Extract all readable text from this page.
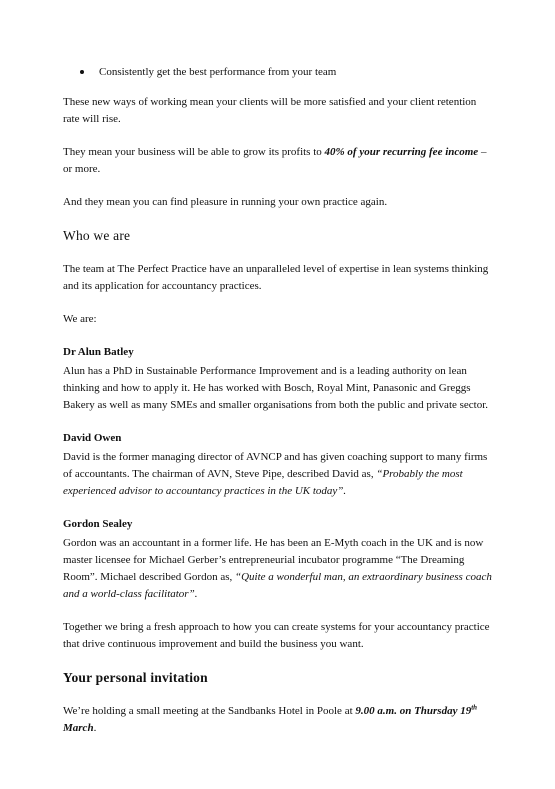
Consistently get the best performance from your team

These new ways of working mean your clients will be more satisfied and your client retention rate will rise.

They mean your business will be able to grow its profits to 40% of your recurring fee income – or more.

And they mean you can find pleasure in running your own practice again.

Who we are

The team at The Perfect Practice have an unparalleled level of expertise in lean systems thinking and its application for accountancy practices.

We are:

Dr Alun Batley

Alun has a PhD in Sustainable Performance Improvement and is a leading authority on lean thinking and how to apply it. He has worked with Bosch, Royal Mint, Panasonic and Greggs Bakery as well as many SMEs and smaller organisations from both the public and private sector.

David Owen

David is the former managing director of AVNCP and has given coaching support to many firms of accountants. The chairman of AVN, Steve Pipe, described David as, “Probably the most experienced advisor to accountancy practices in the UK today”.

Gordon Sealey

Gordon was an accountant in a former life. He has been an E-Myth coach in the UK and is now master licensee for Michael Gerber’s entrepreneurial incubator programme “The Dreaming Room”. Michael described Gordon as, “Quite a wonderful man, an extraordinary business coach and a world-class facilitator”.

Together we bring a fresh approach to how you can create systems for your accountancy practice that drive continuous improvement and build the business you want.

Your personal invitation

We’re holding a small meeting at the Sandbanks Hotel in Poole at 9.00 a.m. on Thursday 19th March.
